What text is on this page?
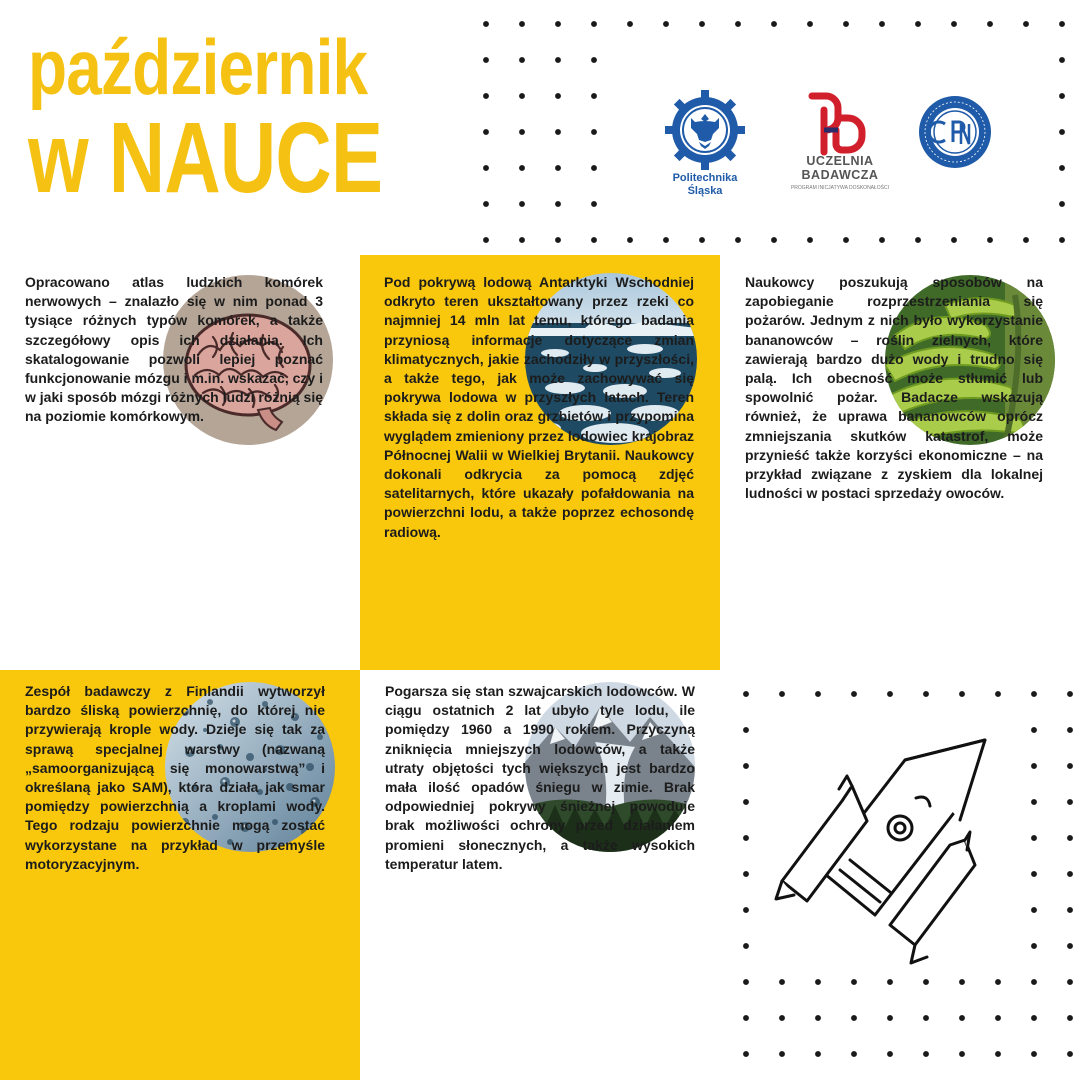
październik
w NAUCE	Politechnika
Śląska
UCZELNIA
BADAWCZA
PROGRAM INICJATYWA DOSKONAŁOŚCI
Opracowano atlas ludzkich komórek nerwowych – znalazło się w nim ponad 3 tysiące różnych typów komórek, a także szczegółowy opis ich działania. Ich skatalogowanie pozwoli lepiej poznać funkcjonowanie mózgu i m.in. wskazać, czy i w jaki sposób mózgi różnych ludzi różnią się na poziomie komórkowym.
Pod pokrywą lodową Antarktyki Wschodniej odkryto teren ukształtowany przez rzeki co najmniej 14 mln lat temu, którego badania przyniosą informacje dotyczące zmian klimatycznych, jakie zachodziły w przyszłości, a także tego, jak może zachowywać się pokrywa lodowa w przyszłych latach. Teren składa się z dolin oraz grzbietów i przypomina wyglądem zmieniony przez lodowiec krajobraz Północnej Walii w Wielkiej Brytanii. Naukowcy dokonali odkrycia za pomocą zdjęć satelitarnych, które ukazały pofałdowania na powierzchni lodu, a także poprzez echosondę radiową.
Naukowcy poszukują sposobów na zapobieganie rozprzestrzeniania się pożarów. Jednym z nich było wykorzystanie bananowców – roślin zielnych, które zawierają bardzo dużo wody i trudno się palą. Ich obecność może stłumić lub spowolnić pożar. Badacze wskazują również, że uprawa bananowców oprócz zmniejszania skutków katastrof, może przynieść także korzyści ekonomiczne – na przykład związane z zyskiem dla lokalnej ludności w postaci sprzedaży owoców.
Zespół badawczy z Finlandii wytworzył bardzo śliską powierzchnię, do której nie przywierają krople wody. Dzieje się tak za sprawą specjalnej warstwy (nazwaną „samoorganizującą się monowarstwą” i określaną jako SAM), która działa jak smar pomiędzy powierzchnią a kroplami wody. Tego rodzaju powierzchnie mogą zostać wykorzystane na przykład w przemyśle motoryzacyjnym.
Pogarsza się stan szwajcarskich lodowców. W ciągu ostatnich 2 lat ubyło tyle lodu, ile pomiędzy 1960 a 1990 rokiem. Przyczyną zniknięcia mniejszych lodowców, a także utraty objętości tych większych jest bardzo mała ilość opadów śniegu w zimie. Brak odpowiedniej pokrywy śnieżnej powoduje brak możliwości ochrony przed działaniem promieni słonecznych, a także wysokich temperatur latem.
